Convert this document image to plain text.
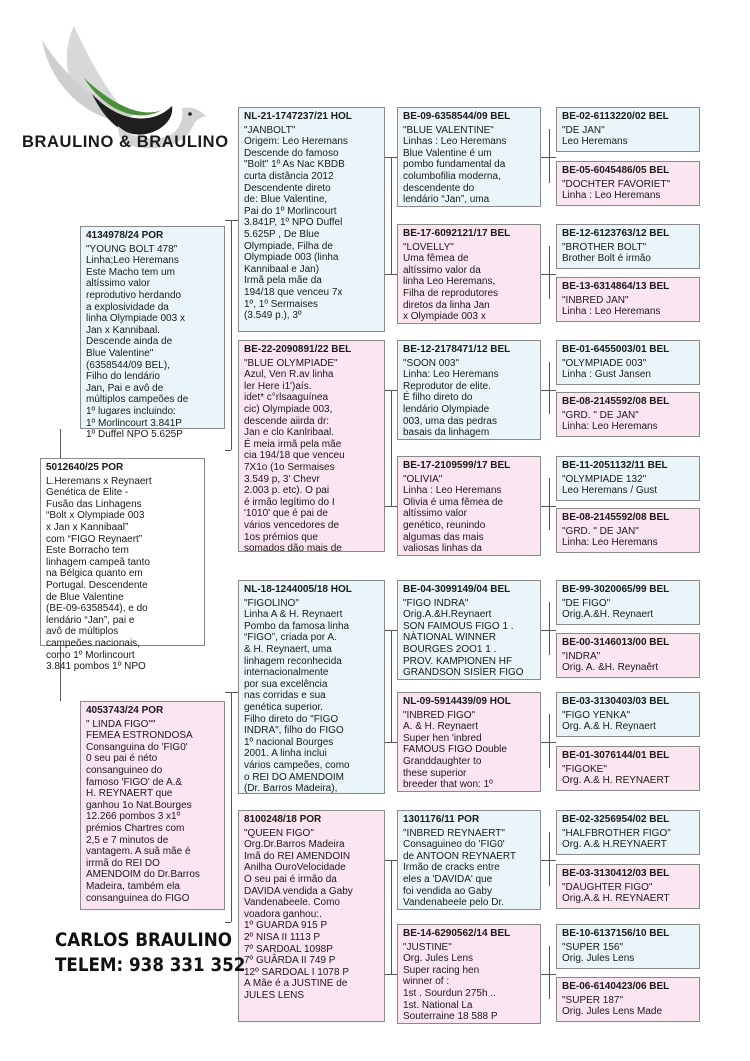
BRAULINO & BRAULINO
5012640/25 POR
L.Heremans x Reynaert
Genética de Elite -
Fusão das Linhagens
“Bolt x Olympiade 003
x Jan x Kannibaal”
com “FIGO Reynaert”
Este Borracho tem
linhagem campeã tanto
na Bélgica quanto em
Portugal. Descendente
de Blue Valentine
(BE-09-6358544), e do
lendário “Jan”, pai e
avô de múltiplos
campeões nacionais,
como 1º Morlincourt
3.841 pombos 1º NPO
4134978/24 POR
"YOUNG BOLT 478"
Linha;Leo Heremans
Este Macho tem um
altíssimo valor
reprodutivo herdando
a explosividade da
linha Olympiade 003 x
Jan x Kannibaal.
Descende ainda de
Blue Valentine"
(6358544/09 BEL),
Filho do lendário
Jan, Pai e avô de
múltiplos campeões de
1º lugares incluindo:
1º Morlincourt 3.841P
1º Duffel NPO 5.625P
4053743/24 POR
" LINDA FIGO""
FEMEA ESTRONDOSA
Consanguina do 'FIG0'
0 seu pai é néto
consanguineo do
famoso 'FIGO' de A.&
H. REYNAERT que
ganhou 1o Nat.Bourges
12.266 pombos 3 x1º
prémios Chartres com
2,5 e 7 minutos de
vantagem. A suâ mãe é
irrmã do REI DO
AMENDOIM do Dr.Barros
Madeira, também ela
consanguinea do FIGO
NL-21-1747237/21 HOL
"JANBOLT"
Origem: Leo Heremans
Descende do famoso
"Bolt" 1º As Nac KBDB
curta distância 2012
Descendente direto
de: Blue Valentine,
Pai do 1º Morlincourt
3.841P, 1º NPO Duffel
5.625P , De Blue
Olympiade, Filha de
Olympiade 003 (linha
Kannibaal e Jan)
Irmã pela mãe da
194/18 que venceu 7x
1º, 1º Sermaises
(3.549 p.), 3º
BE-22-2090891/22 BEL
"BLUE OLYMPIADE"
Azul, Ven R.av linha
ler Here i1')aís.
idet* c°rlsaaguínea
cic) Olympiade 003,
descende aiirda dr:
Jan e clo Kanlribaal.
É meia irmã pela mãe
cia 194/18 que venceu
7X1o (1o Sermaises
3.549 p, 3' Chevr
2.003 p. etc). O pai
é irmão legítimo do I
'1010' que é pai de
vários vencedores de
1os prémios que
somados dão mais de
NL-18-1244005/18 HOL
"FIGOLINO"
Linha A & H. Reynaert
Pombo da famosa linha
“FIGO”, criada por A.
& H. Reynaert, uma
linhagem reconhecida
internacionalmente
por sua excelência
nas corridas e sua
genética superior.
Filho direto do "FIGO
INDRA", filho do FIGO
1º nacional Bourges
2001. A linha inclui
vários campeões, como
o REI DO AMENDOIM
(Dr. Barros Madeira),
8100248/18 POR
"QUEEN FIGO"
Org.Dr.Barros Madeira
Imã do REI AMENDOIN
Anilha OuroVelocidade
O seu pai é irmão da
DAVIDA vendida a Gaby
Vandenabeele. Como
voadora ganhou:.
1º GUARDA 915 P
2º NISA II 1113 P
7º SARD0AL 1098P
7º GUÂRDA II 749 P
12º SARDOAL I 1078 P
A Mãe é a JUSTINE de
JULES LENS
BE-09-6358544/09 BEL
"BLUE VALENTINE"
Linhas : Leo Heremans
Blue Valentine é um
pombo fundamental da
columbofilia moderna,
descendente do
lendário “Jan”, uma
BE-17-6092121/17 BEL
"LOVELLY"
Uma fêmea de
altíssimo valor da
linha Leo Heremans,
Filha de reprodutores
diretos da linha Jan
x Olympiade 003 x
BE-12-2178471/12 BEL
"SOON 003"
Linha: Leo Heremans
Reprodutor de elite.
É filho direto do
lendário Olympiade
003, uma das pedras
basais da linhagem
BE-17-2109599/17 BEL
"OLIVIA"
Linha : Leo Heremans
Olivia é uma fêmea de
altíssimo valor
genético, reunindo
algumas das mais
valiosas linhas da
BE-04-3099149/04 BEL
"FIGO INDRA"
Orig.A.&H.Reynaert
SON FAIMOUS FIGO 1 .
NÀTIONAL WINNER
BOURGES 2OO1 1 .
PROV. KAMPIONEN HF
GRANDSON SISÏER FIGO
NL-09-5914439/09 HOL
"INBRED FIGO"
A. & H. Reynaert
Super hen 'inbred
FAMOUS FIGO Double
Granddaughter to
these superior
breeder that won: 1º
1301176/11 POR
"INBRED REYNAERT"
Consaguineo do 'FIG0'
de ANTOON REYNAERT
Irmão de cracks entre
eles a 'DAVIDA' que
foi vendida ao Gaby
Vandenabeele pelo Dr.
BE-14-6290562/14 BEL
"JUSTINE"
Org. Jules Lens
Super racing hen
winner of :
1st . Sourdun 275h ..
1st. National La
Souterraine 18 588 P
BE-02-6113220/02 BEL
"DE JAN"
Leo Heremans
BE-05-6045486/05 BEL
"DOCHTER FAVORIET"
Linha : Leo Heremans
BE-12-6123763/12 BEL
"BROTHER BOLT"
Brother Bolt é irmão
BE-13-6314864/13 BEL
"INBRED JAN"
Linha : Leo Heremans
BE-01-6455003/01 BEL
"OLYMPIADE 003"
Linha : Gust Jansen
BE-08-2145592/08 BEL
"GRD. " DE JAN"
Linha: Leo Heremans
BE-11-2051132/11 BEL
"OLYMPIADE 132"
Leo Heremans / Gust
BE-08-2145592/08 BEL
"GRD. " DE JAN"
Linha: Leo Heremans
BE-99-3020065/99 BEL
"DE FIGO"
Orig.A.&H. Reynaert
BE-00-3146013/00 BEL
"INDRA"
Orig. A. &H. Reynaêrt
BE-03-3130403/03 BEL
"FIGO YENKA"
Org. A.& H. Reynaert
BE-01-3076144/01 BEL
"FIGOKE"
Org. A.& H. REYNAERT
BE-02-3256954/02 BEL
"HALFBROTHER FIGO"
Org. A.& H.REYNAERT
BE-03-3130412/03 BEL
"DAUGHTER FIGO"
Orig.A.& H. REYNAERT
BE-10-6137156/10 BEL
"SUPER 156"
Orig. Jules Lens
BE-06-6140423/06 BEL
"SUPER 187"
Orig. Jules Lens Made
CARLOS BRAULINO
TELEM: 938 331 352
